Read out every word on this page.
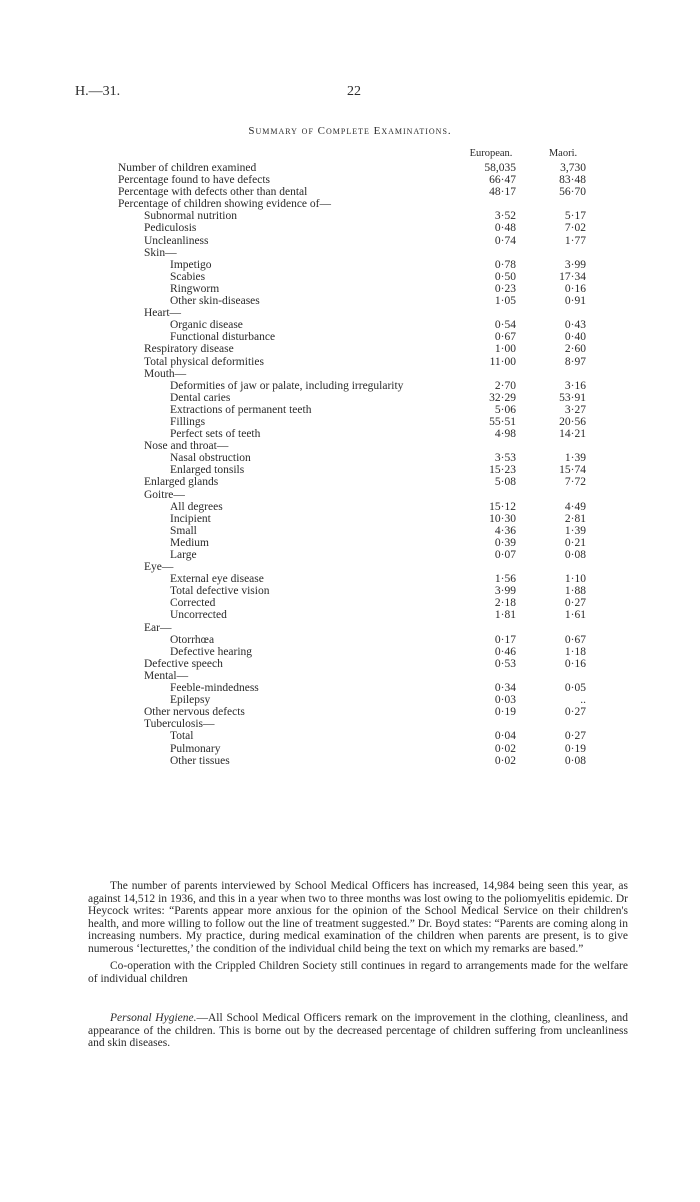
H.—31.	22
Summary of Complete Examinations.
European.	Maori.
Number of children examined	58,035	3,730
Percentage found to have defects	66·47	83·48
Percentage with defects other than dental	48·17	56·70
Percentage of children showing evidence of—
Subnormal nutrition	3·52	5·17
Pediculosis	0·48	7·02
Uncleanliness	0·74	1·77
Skin—
Impetigo	0·78	3·99
Scabies	0·50	17·34
Ringworm	0·23	0·16
Other skin-diseases	1·05	0·91
Heart—
Organic disease	0·54	0·43
Functional disturbance	0·67	0·40
Respiratory disease	1·00	2·60
Total physical deformities	11·00	8·97
Mouth—
Deformities of jaw or palate, including irregularity	2·70	3·16
Dental caries	32·29	53·91
Extractions of permanent teeth	5·06	3·27
Fillings	55·51	20·56
Perfect sets of teeth	4·98	14·21
Nose and throat—
Nasal obstruction	3·53	1·39
Enlarged tonsils	15·23	15·74
Enlarged glands	5·08	7·72
Goitre—
All degrees	15·12	4·49
Incipient	10·30	2·81
Small	4·36	1·39
Medium	0·39	0·21
Large	0·07	0·08
Eye—
External eye disease	1·56	1·10
Total defective vision	3·99	1·88
Corrected	2·18	0·27
Uncorrected	1·81	1·61
Ear—
Otorrhœa	0·17	0·67
Defective hearing	0·46	1·18
Defective speech	0·53	0·16
Mental—
Feeble-mindedness	0·34	0·05
Epilepsy	0·03	..
Other nervous defects	0·19	0·27
Tuberculosis—
Total	0·04	0·27
Pulmonary	0·02	0·19
Other tissues	0·02	0·08

The number of parents interviewed by School Medical Officers has increased, 14,984 being seen this year, as against 14,512 in 1936, and this in a year when two to three months was lost owing to the poliomyelitis epidemic. Dr Heycock writes: “Parents appear more anxious for the opinion of the School Medical Service on their children's health, and more willing to follow out the line of treatment suggested.” Dr. Boyd states: “Parents are coming along in increasing numbers. My practice, during medical examination of the children when parents are present, is to give numerous ‘lecturettes,’ the condition of the individual child being the text on which my remarks are based.”

Co-operation with the Crippled Children Society still continues in regard to arrangements made for the welfare of individual children

Personal Hygiene.—All School Medical Officers remark on the improvement in the clothing, cleanliness, and appearance of the children. This is borne out by the decreased percentage of children suffering from uncleanliness and skin diseases.
